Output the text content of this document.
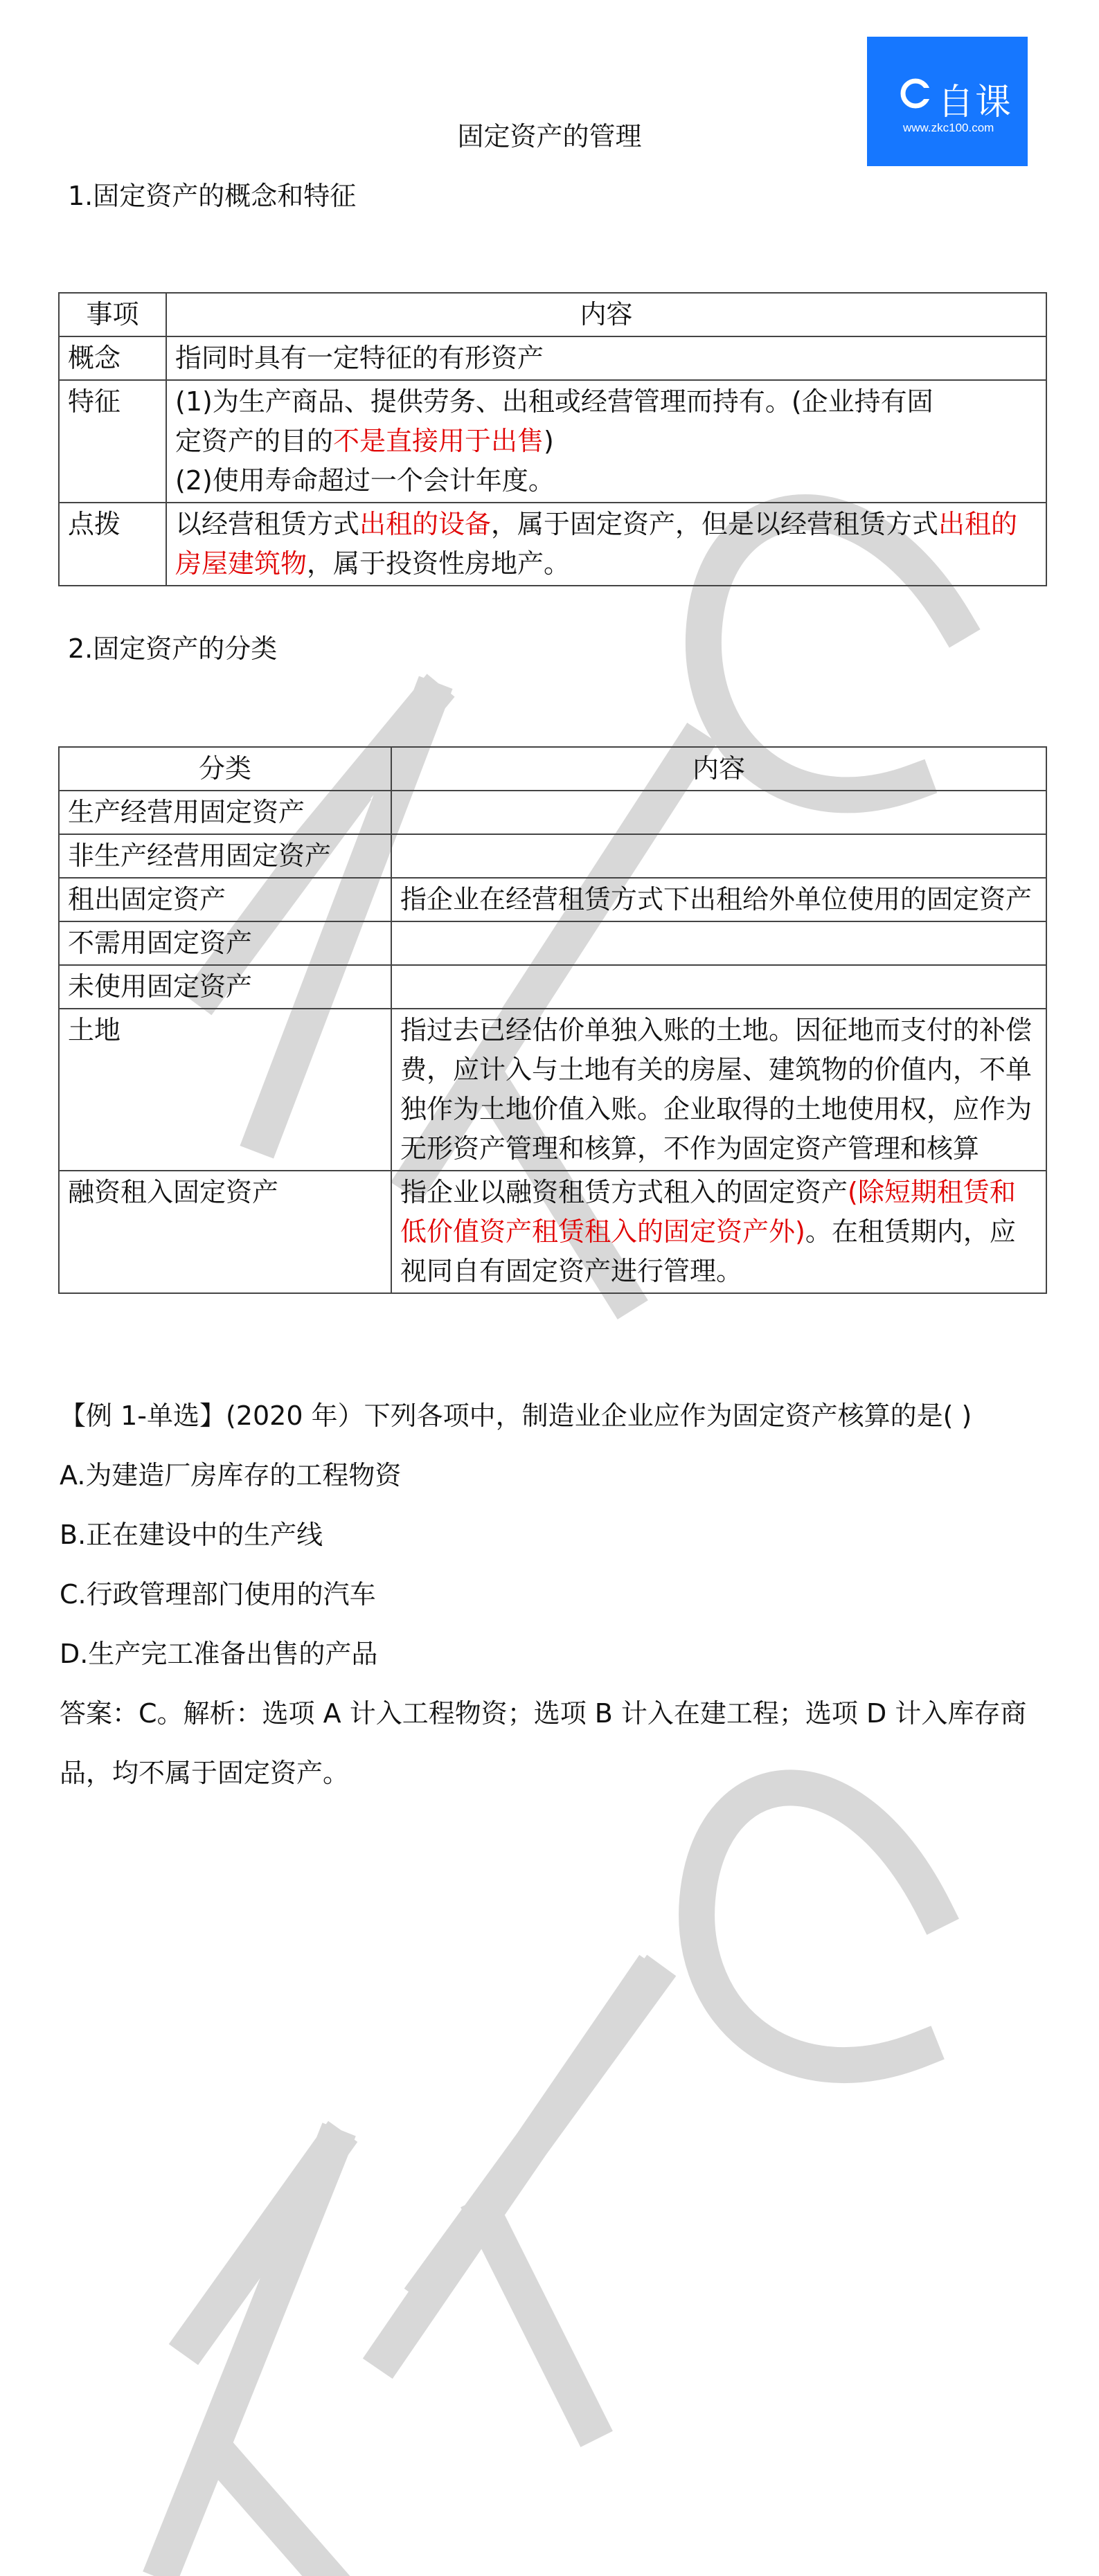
自课
www.zkc100.com
固定资产的管理
1.固定资产的概念和特征
事项	内容
概念	指同时具有一定特征的有形资产
特征	(1)为生产商品、提供劳务、出租或经营管理而持有。(企业持有固
定资产的目的不是直接用于出售)
(2)使用寿命超过一个会计年度。

点拨	以经营租赁方式出租的设备，属于固定资产，但是以经营租赁方式出租的房屋建筑物，属于投资性房地产。
2.固定资产的分类
分类	内容
生产经营用固定资产	
非生产经营用固定资产	
租出固定资产	指企业在经营租赁方式下出租给外单位使用的固定资产
不需用固定资产	
未使用固定资产	
土地	指过去已经估价单独入账的土地。因征地而支付的补偿费，应计入与土地有关的房屋、建筑物的价值内，不单独作为土地价值入账。企业取得的土地使用权，应作为无形资产管理和核算，不作为固定资产管理和核算
融资租入固定资产	指企业以融资租赁方式租入的固定资产(除短期租赁和低价值资产租赁租入的固定资产外)。在租赁期内，应视同自有固定资产进行管理。

【例 1-单选】(2020 年）下列各项中，制造业企业应作为固定资产核算的是( )

A.为建造厂房库存的工程物资

B.正在建设中的生产线

C.行政管理部门使用的汽车

D.生产完工准备出售的产品

答案：C。解析：选项 A 计入工程物资；选项 B 计入在建工程；选项 D 计入库存商品，均不属于固定资产。
